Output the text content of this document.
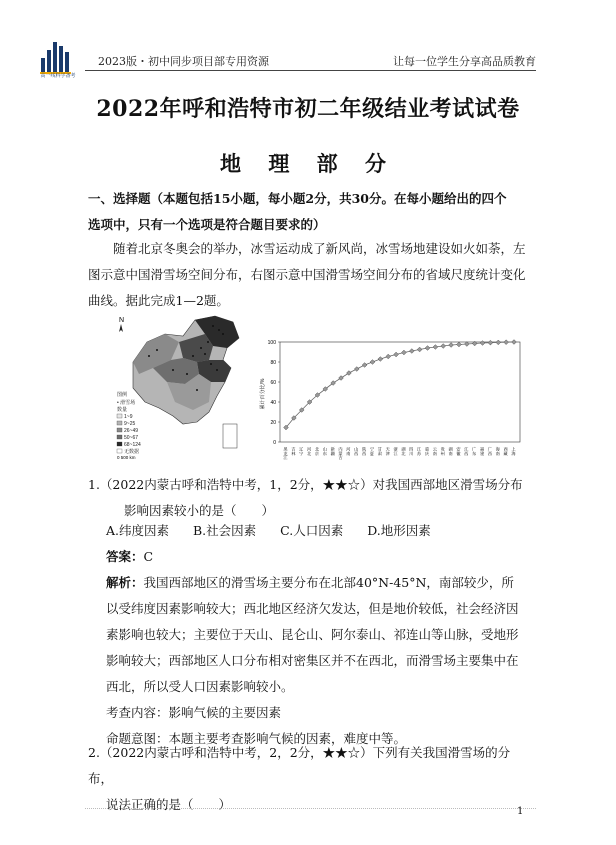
高一线科学备考
2023版・初中同步项目部专用资源	让每一位学生分享高品质教育
2022年呼和浩特市初二年级结业考试试卷
地 理 部 分
一、选择题（本题包括15小题，每小题2分，共30分。在每小题给出的四个
选项中，只有一个选项是符合题目要求的）
随着北京冬奥会的举办，冰雪运动成了新风尚，冰雪场地建设如火如荼，左
图示意中国滑雪场空间分布，右图示意中国滑雪场空间分布的省域尺度统计变化
曲线。据此完成1—2题。
N
图例
• 滑雪场
数量
1~9
9~25
26~49
50~67
68~124
无数据
0 500 km
累计百分比/%
0
20
40
60
80
100
黑龙江 吉林 辽宁 河北 北京 山东 新疆 内蒙古 河南 山西 陕西 宁夏 甘肃 天津 浙江 湖北 四川 江苏 重庆 云南 贵州 湖南 安徽 江西 广东 福建 广西 海南 西藏 上海
1.（2022内蒙古呼和浩特中考，1，2分，★★☆）对我国西部地区滑雪场分布
影响因素较小的是（　　）
A.纬度因素 B.社会因素 C.人口因素 D.地形因素
答案：C
解析：我国西部地区的滑雪场主要分布在北部40°N-45°N，南部较少，所
以受纬度因素影响较大；西北地区经济欠发达，但是地价较低，社会经济因
素影响也较大；主要位于天山、昆仑山、阿尔泰山、祁连山等山脉，受地形
影响较大；西部地区人口分布相对密集区并不在西北，而滑雪场主要集中在
西北，所以受人口因素影响较小。
考查内容：影响气候的主要因素
命题意图：本题主要考查影响气候的因素，难度中等。
2.（2022内蒙古呼和浩特中考，2，2分，★★☆）下列有关我国滑雪场的分布，
说法正确的是（　　）	1
